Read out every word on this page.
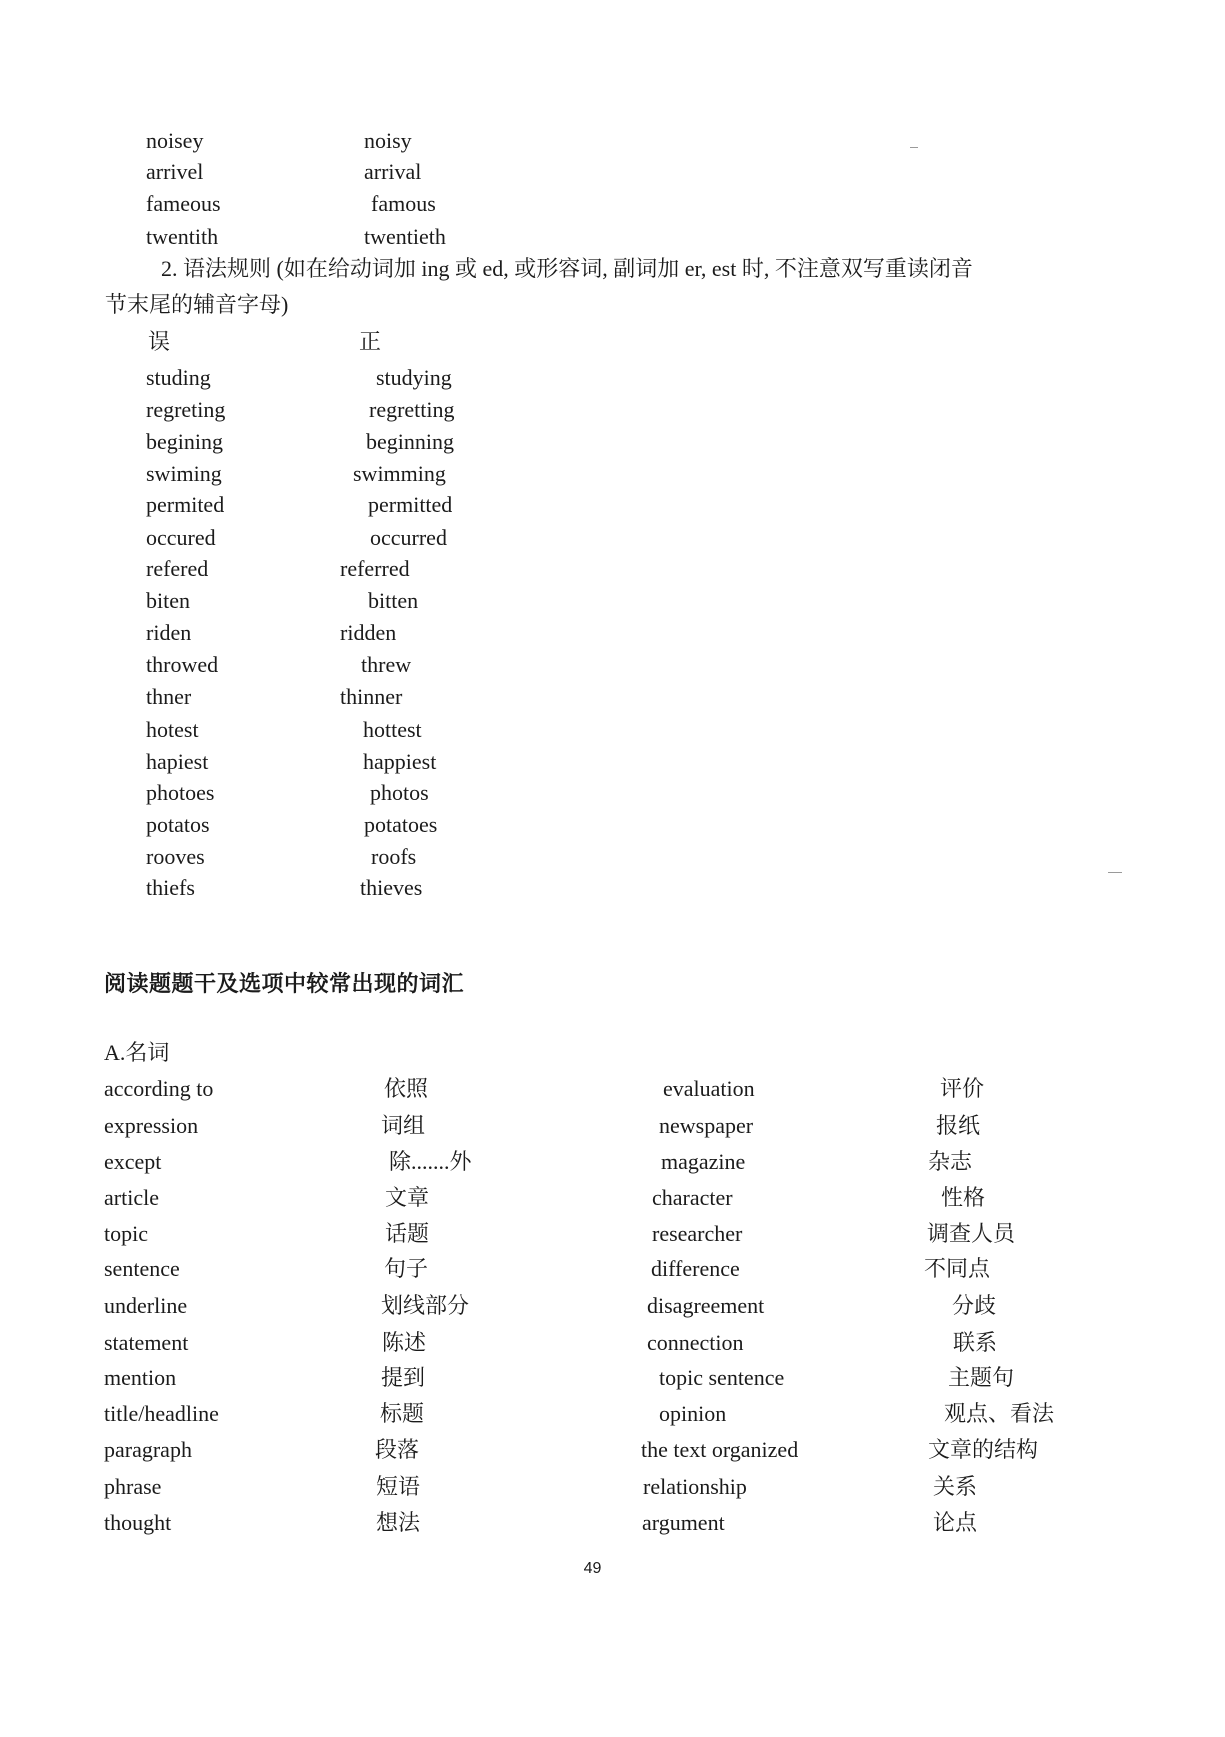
noisey	noisy
arrivel	arrival
fameous	famous
twentith	twentieth
2. 语法规则 (如在给动词加 ing 或 ed, 或形容词, 副词加 er, est 时, 不注意双写重读闭音
节末尾的辅音字母)
误	正
studing	studying
regreting	regretting
begining	beginning
swiming	swimming
permited	permitted
occured	occurred
refered	referred
biten	bitten
riden	ridden
throwed	threw
thner	thinner
hotest	hottest
hapiest	happiest
photoes	photos
potatos	potatoes
rooves	roofs
thiefs	thieves
阅读题题干及选项中较常出现的词汇
A.名词
according to	依照	evaluation	评价
expression	词组	newspaper	报纸
except	除.......外	magazine	杂志
article	文章	character	性格
topic	话题	researcher	调查人员
sentence	句子	difference	不同点
underline	划线部分	disagreement	分歧
statement	陈述	connection	联系
mention	提到	topic sentence	主题句
title/headline	标题	opinion	观点、看法
paragraph	段落	the text organized	文章的结构
phrase	短语	relationship	关系
thought	想法	argument	论点
49
